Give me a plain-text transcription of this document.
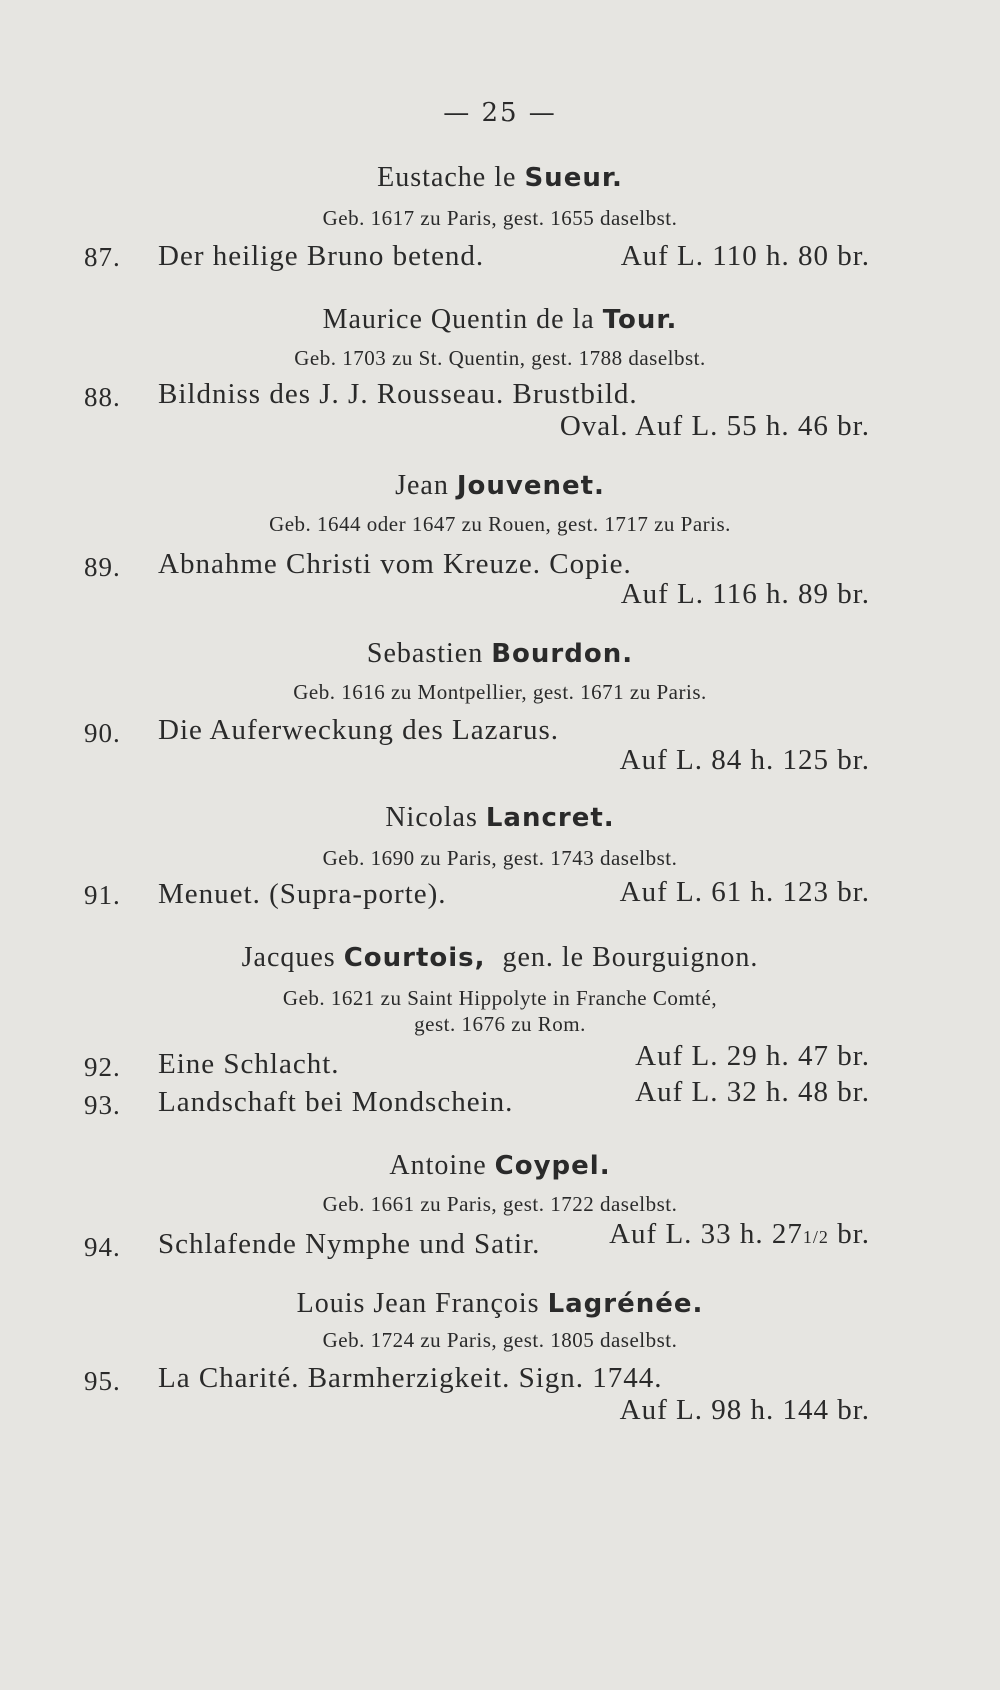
— 25 —
Eustache le Sueur.
Geb. 1617 zu Paris, gest. 1655 daselbst.
87. Der heilige Bruno betend.	Auf L. 110 h. 80 br.
Maurice Quentin de la Tour.
Geb. 1703 zu St. Quentin, gest. 1788 daselbst.
88. Bildniss des J. J. Rousseau. Brustbild.
Oval. Auf L. 55 h. 46 br.
Jean Jouvenet.
Geb. 1644 oder 1647 zu Rouen, gest. 1717 zu Paris.
89. Abnahme Christi vom Kreuze. Copie.
Auf L. 116 h. 89 br.
Sebastien Bourdon.
Geb. 1616 zu Montpellier, gest. 1671 zu Paris.
90. Die Auferweckung des Lazarus.
Auf L. 84 h. 125 br.
Nicolas Lancret.
Geb. 1690 zu Paris, gest. 1743 daselbst.
91. Menuet. (Supra-porte).	Auf L. 61 h. 123 br.
Jacques Courtois, gen. le Bourguignon.
Geb. 1621 zu Saint Hippolyte in Franche Comté,
gest. 1676 zu Rom.
92. Eine Schlacht.	Auf L. 29 h. 47 br.
93. Landschaft bei Mondschein.	Auf L. 32 h. 48 br.
Antoine Coypel.
Geb. 1661 zu Paris, gest. 1722 daselbst.
94. Schlafende Nymphe und Satir. Auf L. 33 h. 271/2 br.
Louis Jean François Lagrénée.
Geb. 1724 zu Paris, gest. 1805 daselbst.
95. La Charité. Barmherzigkeit. Sign. 1744.
Auf L. 98 h. 144 br.
